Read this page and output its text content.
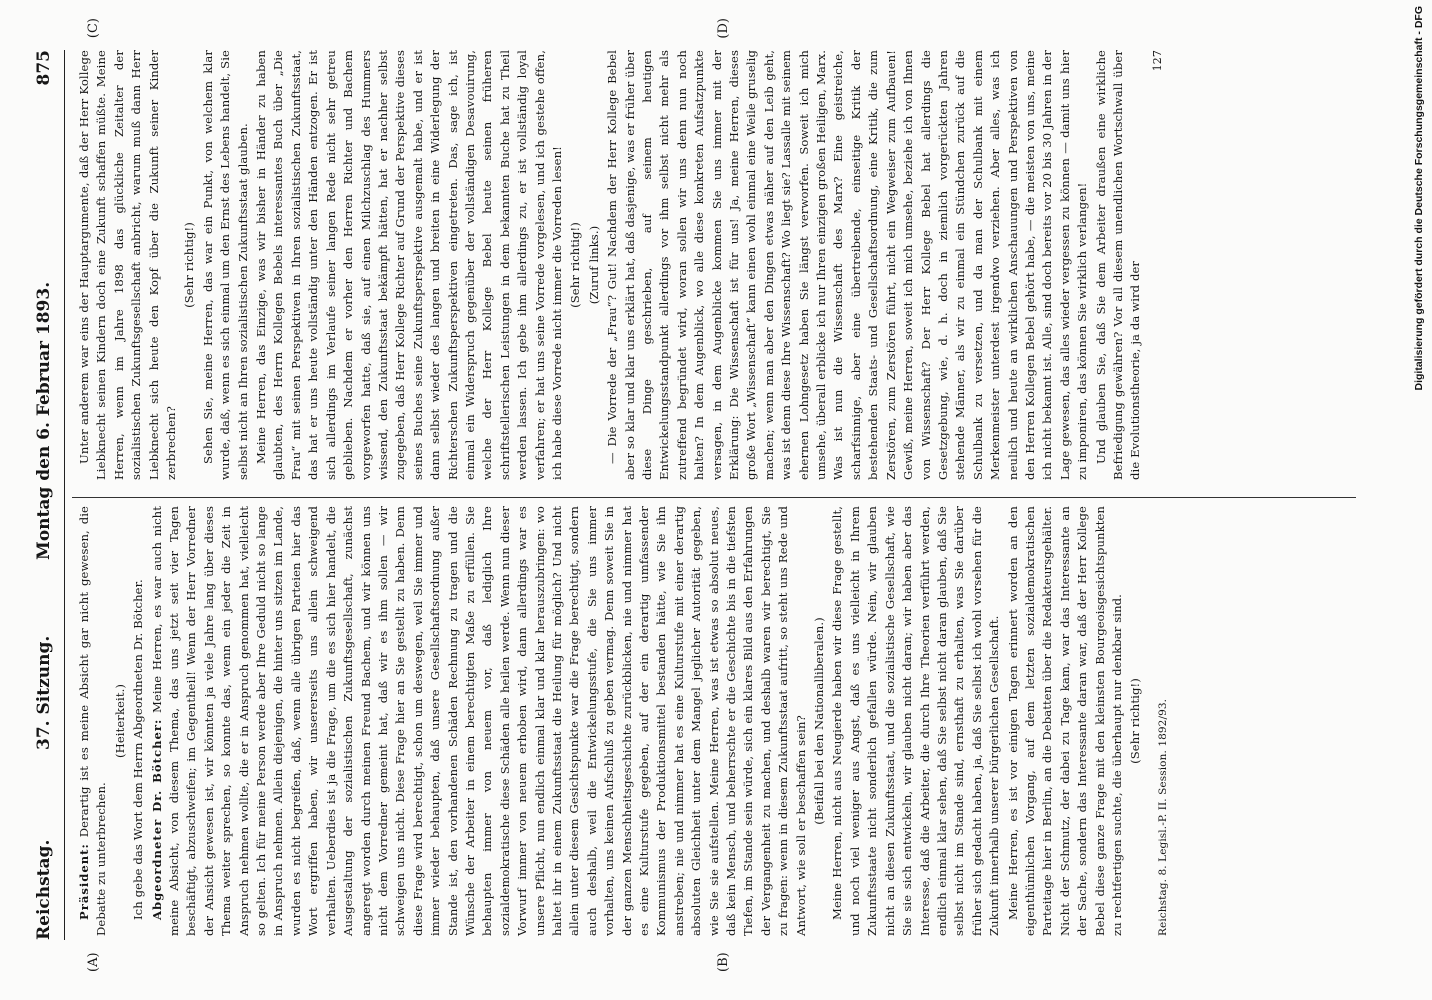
Reichstag.
37. Sitzung.
Montag den 6. Februar 1893.
875
(A)	(B)
(C)	(D)

Präsident: Derartig ist es meine Absicht gar nicht gewesen, die Debatte zu unterbrechen.

(Heiterkeit.) Ich gebe das Wort dem Herrn Abgeordneten Dr. Bötcher. Abgeordneter Dr. Bötcher: Meine Herren, es war auch nicht meine Absicht, von diesem Thema, das uns jetzt seit vier Tagen beschäftigt, abzuschweifen; im Gegentheil! Wenn der Herr Vorredner der Ansicht gewesen ist, wir könnten ja viele Jahre lang über dieses Thema weiter sprechen, so konnte das, wenn ein jeder die Zeit in Anspruch nehmen wollte, die er in Anspruch genommen hat, vielleicht so gelten. Ich für meine Person werde aber Ihre Geduld nicht so lange in Anspruch nehmen. Allein diejenigen, die hinter uns sitzen im Lande, wurden es nicht begreifen, daß, wenn alle übrigen Parteien hier das Wort ergriffen haben, wir unsererseits uns allein schweigend verhalten. Ueberdies ist ja die Frage, um die es sich hier handelt, die Ausgestaltung der sozialistischen Zukunftsgesellschaft, zunächst angeregt worden durch meinen Freund Bachem, und wir können uns nicht dem Vorredner gemeint hat, daß wir es ihm sollen — wir schweigen uns nicht. Diese Frage hier an Sie gestellt zu haben. Denn diese Frage wird berechtigt, schon um deswegen, weil Sie immer und immer wieder behaupten, daß unsere Gesellschaftsordnung außer Stande ist, den vorhandenen Schäden Rechnung zu tragen und die Wünsche der Arbeiter in einem berechtigten Maße zu erfüllen. Sie behaupten immer von neuem vor, daß lediglich Ihre sozialdemokratische diese Schäden alle heilen werde. Wenn nun dieser Vorwurf immer von neuem erhoben wird, dann allerdings war es unsere Pflicht, nun endlich einmal klar und klar herauszubringen: wo haltet ihr in einem Zukunftsstaat die Heilung für möglich? Und nicht allein unter diesem Gesichtspunkte war die Frage berechtigt, sondern auch deshalb, weil die Entwickelungsstufe, die Sie uns immer vorhalten, uns keinen Aufschluß zu geben vermag. Denn soweit Sie in der ganzen Menschheitsgeschichte zurückblicken, nie und nimmer hat es eine Kulturstufe gegeben, auf der ein derartig umfassender Kommunismus der Produktionsmittel bestanden hätte, wie Sie ihn anstreben; nie und nimmer hat es eine Kulturstufe mit einer derartig absoluten Gleichheit unter dem Mangel jeglicher Autorität gegeben, wie Sie sie aufstellen. Meine Herren, was ist etwas so absolut neues, daß kein Mensch, und beherrschte er die Geschichte bis in die tiefsten Tiefen, im Stande sein würde, sich ein klares Bild aus den Erfahrungen der Vergangenheit zu machen, und deshalb waren wir berechtigt, Sie zu fragen: wenn in diesem Zukunftsstaat aufritt, so steht uns Rede und Antwort, wie soll er beschaffen sein? (Beifall bei den Nationalliberalen.) Meine Herren, nicht aus Neugierde haben wir diese Frage gestellt, und noch viel weniger aus Angst, daß es uns vielleicht in Ihrem Zukunftsstaate nicht sonderlich gefallen würde. Nein, wir glauben nicht an diesen Zukunftsstaat, und die sozialistische Gesellschaft, wie Sie sie sich entwickeln, wir glauben nicht daran; wir haben aber das Interesse, daß die Arbeiter, die durch Ihre Theorien verführt werden, endlich einmal klar sehen, daß Sie selbst nicht daran glauben, daß Sie selbst nicht im Stande sind, ernsthaft zu erhalten, was Sie darüber früher sich gedacht haben, ja, daß Sie selbst ich wohl vorsehen für die Zukunft innerhalb unserer bürgerlichen Gesellschaft. Meine Herren, es ist vor einigen Tagen erinnert worden an den eigenthümlichen Vorgang, auf dem letzten sozialdemokratischen Parteitage hier in Berlin, an die Debatten über die Redakteursgehälter. Nicht der Schmutz, der dabei zu Tage kam, war das Interessante an der Sache, sondern das Interessante daran war, daß der Herr Kollege Bebel diese ganze Frage mit den kleinsten Bourgeoisgesichtspunkten zu rechtfertigen suchte, die überhaupt nur denkbar sind. (Sehr richtig!) Reichstag. 8. Legisl.-P. II. Session. 1892/93.

Unter anderem war eins der Hauptargumente, daß der Herr Kollege Liebknecht seinen Kindern doch eine Zukunft schaffen müßte. Meine Herren, wenn im Jahre 1898 das glückliche Zeitalter der sozialistischen Zukunftsgesellschaft anbricht, warum muß dann Herr Liebknecht sich heute den Kopf über die Zukunft seiner Kinder zerbrechen?

(Sehr richtig!) Sehen Sie, meine Herren, das war ein Punkt, von welchem klar wurde, daß, wenn es sich einmal um den Ernst des Lebens handelt, Sie selbst nicht an Ihren sozialistischen Zukunftsstaat glauben. Meine Herren, das Einzige, was wir bisher in Händer zu haben glaubten, des Herrn Kollegen Bebels interessantes Buch über „Die Frau“ mit seinen Perspektiven in Ihren sozialistischen Zukunftsstaat, das hat er uns heute vollständig unter den Händen entzogen. Er ist sich allerdings im Verlaufe seiner langen Rede nicht sehr getreu geblieben. Nachdem er vorher den Herren Richter und Bachem vorgeworfen hatte, daß sie, auf einen Milchzuschlag des Hummers wissend, den Zukunftsstaat bekämpft hätten, hat er nachher selbst zugegeben, daß Herr Kollege Richter auf Grund der Perspektive dieses seines Buches seine Zukunftsperspektive ausgemalt habe, und er ist dann selbst wieder des langen und breiten in eine Widerlegung der Richterschen Zukunftsperspektiven eingetreten. Das, sage ich, ist einmal ein Widerspruch gegenüber der vollständigen Desavouirung, welche der Herr Kollege Bebel heute seinen früheren schriftstellerischen Leistungen in dem bekannten Buche hat zu Theil werden lassen. Ich gebe ihm allerdings zu, er ist vollständig loyal verfahren; er hat uns seine Vorrede vorgelesen, und ich gestehe offen, ich habe diese Vorrede nicht immer die Vorreden lesen! (Sehr richtig!) (Zuruf links.) — Die Vorrede der „Frau“? Gut! Nachdem der Herr Kollege Bebel aber so klar und klar uns erklärt hat, daß dasjenige, was er früher über diese Dinge geschrieben, auf seinem heutigen Entwickelungsstandpunkt allerdings vor ihm selbst nicht mehr als zutreffend begründet wird, woran sollen wir uns denn nun noch halten? In dem Augenblick, wo alle diese konkreten Aufsatzpunkte versagen, in dem Augenblicke kommen Sie uns immer mit der Erklärung: Die Wissenschaft ist für uns! Ja, meine Herren, dieses große Wort „Wissenschaft“ kann einen wohl einmal eine Weile gruselig machen; wenn man aber den Dingen etwas näher auf den Leib geht, was ist denn diese Ihre Wissenschaft? Wo liegt sie? Lassalle mit seinem ehernen Lohngesetz haben Sie längst verworfen. Soweit ich mich umsehe, überall erblicke ich nur Ihren einzigen großen Heiligen, Marx. Was ist nun die Wissenschaft des Marx? Eine geistreiche, scharfsinnige, aber eine übertreibende, einseitige Kritik der bestehenden Staats- und Gesellschaftsordnung, eine Kritik, die zum Zerstören, zum Zerstören führt, nicht ein Wegweiser zum Aufbauen! Gewiß, meine Herren, soweit ich mich umsehe, beziehe ich von Ihnen von Wissenschaft? Der Herr Kollege Bebel hat allerdings die Gesetzgebung, wie, d. h. doch in ziemlich vorgerückten Jahren stehende Männer, als wir zu einmal ein Stündchen zurück auf die Schulbank zu versetzen, und da man der Schulbank mit einem Merkenmeister unterdest irgendwo verziehen. Aber alles, was ich neulich und heute an wirklichen Anschauungen und Perspektiven von den Herren Kollegen Bebel gehört habe, — die meisten von uns, meine ich nicht bekannt ist. Alle, sind doch bereits vor 20 bis 30 Jahren in der Lage gewesen, das alles wieder vergessen zu können — damit uns hier zu imponiren, das können Sie wirklich verlangen! Und glauben Sie, daß Sie dem Arbeiter draußen eine wirkliche Befriedigung gewähren? Vor all diesem unendlichen Wortschwall über die Evolutionstheorie, ja da wird der

127	Digitalisierung gefördert durch die Deutsche Forschungsgemeinschaft - DFG
